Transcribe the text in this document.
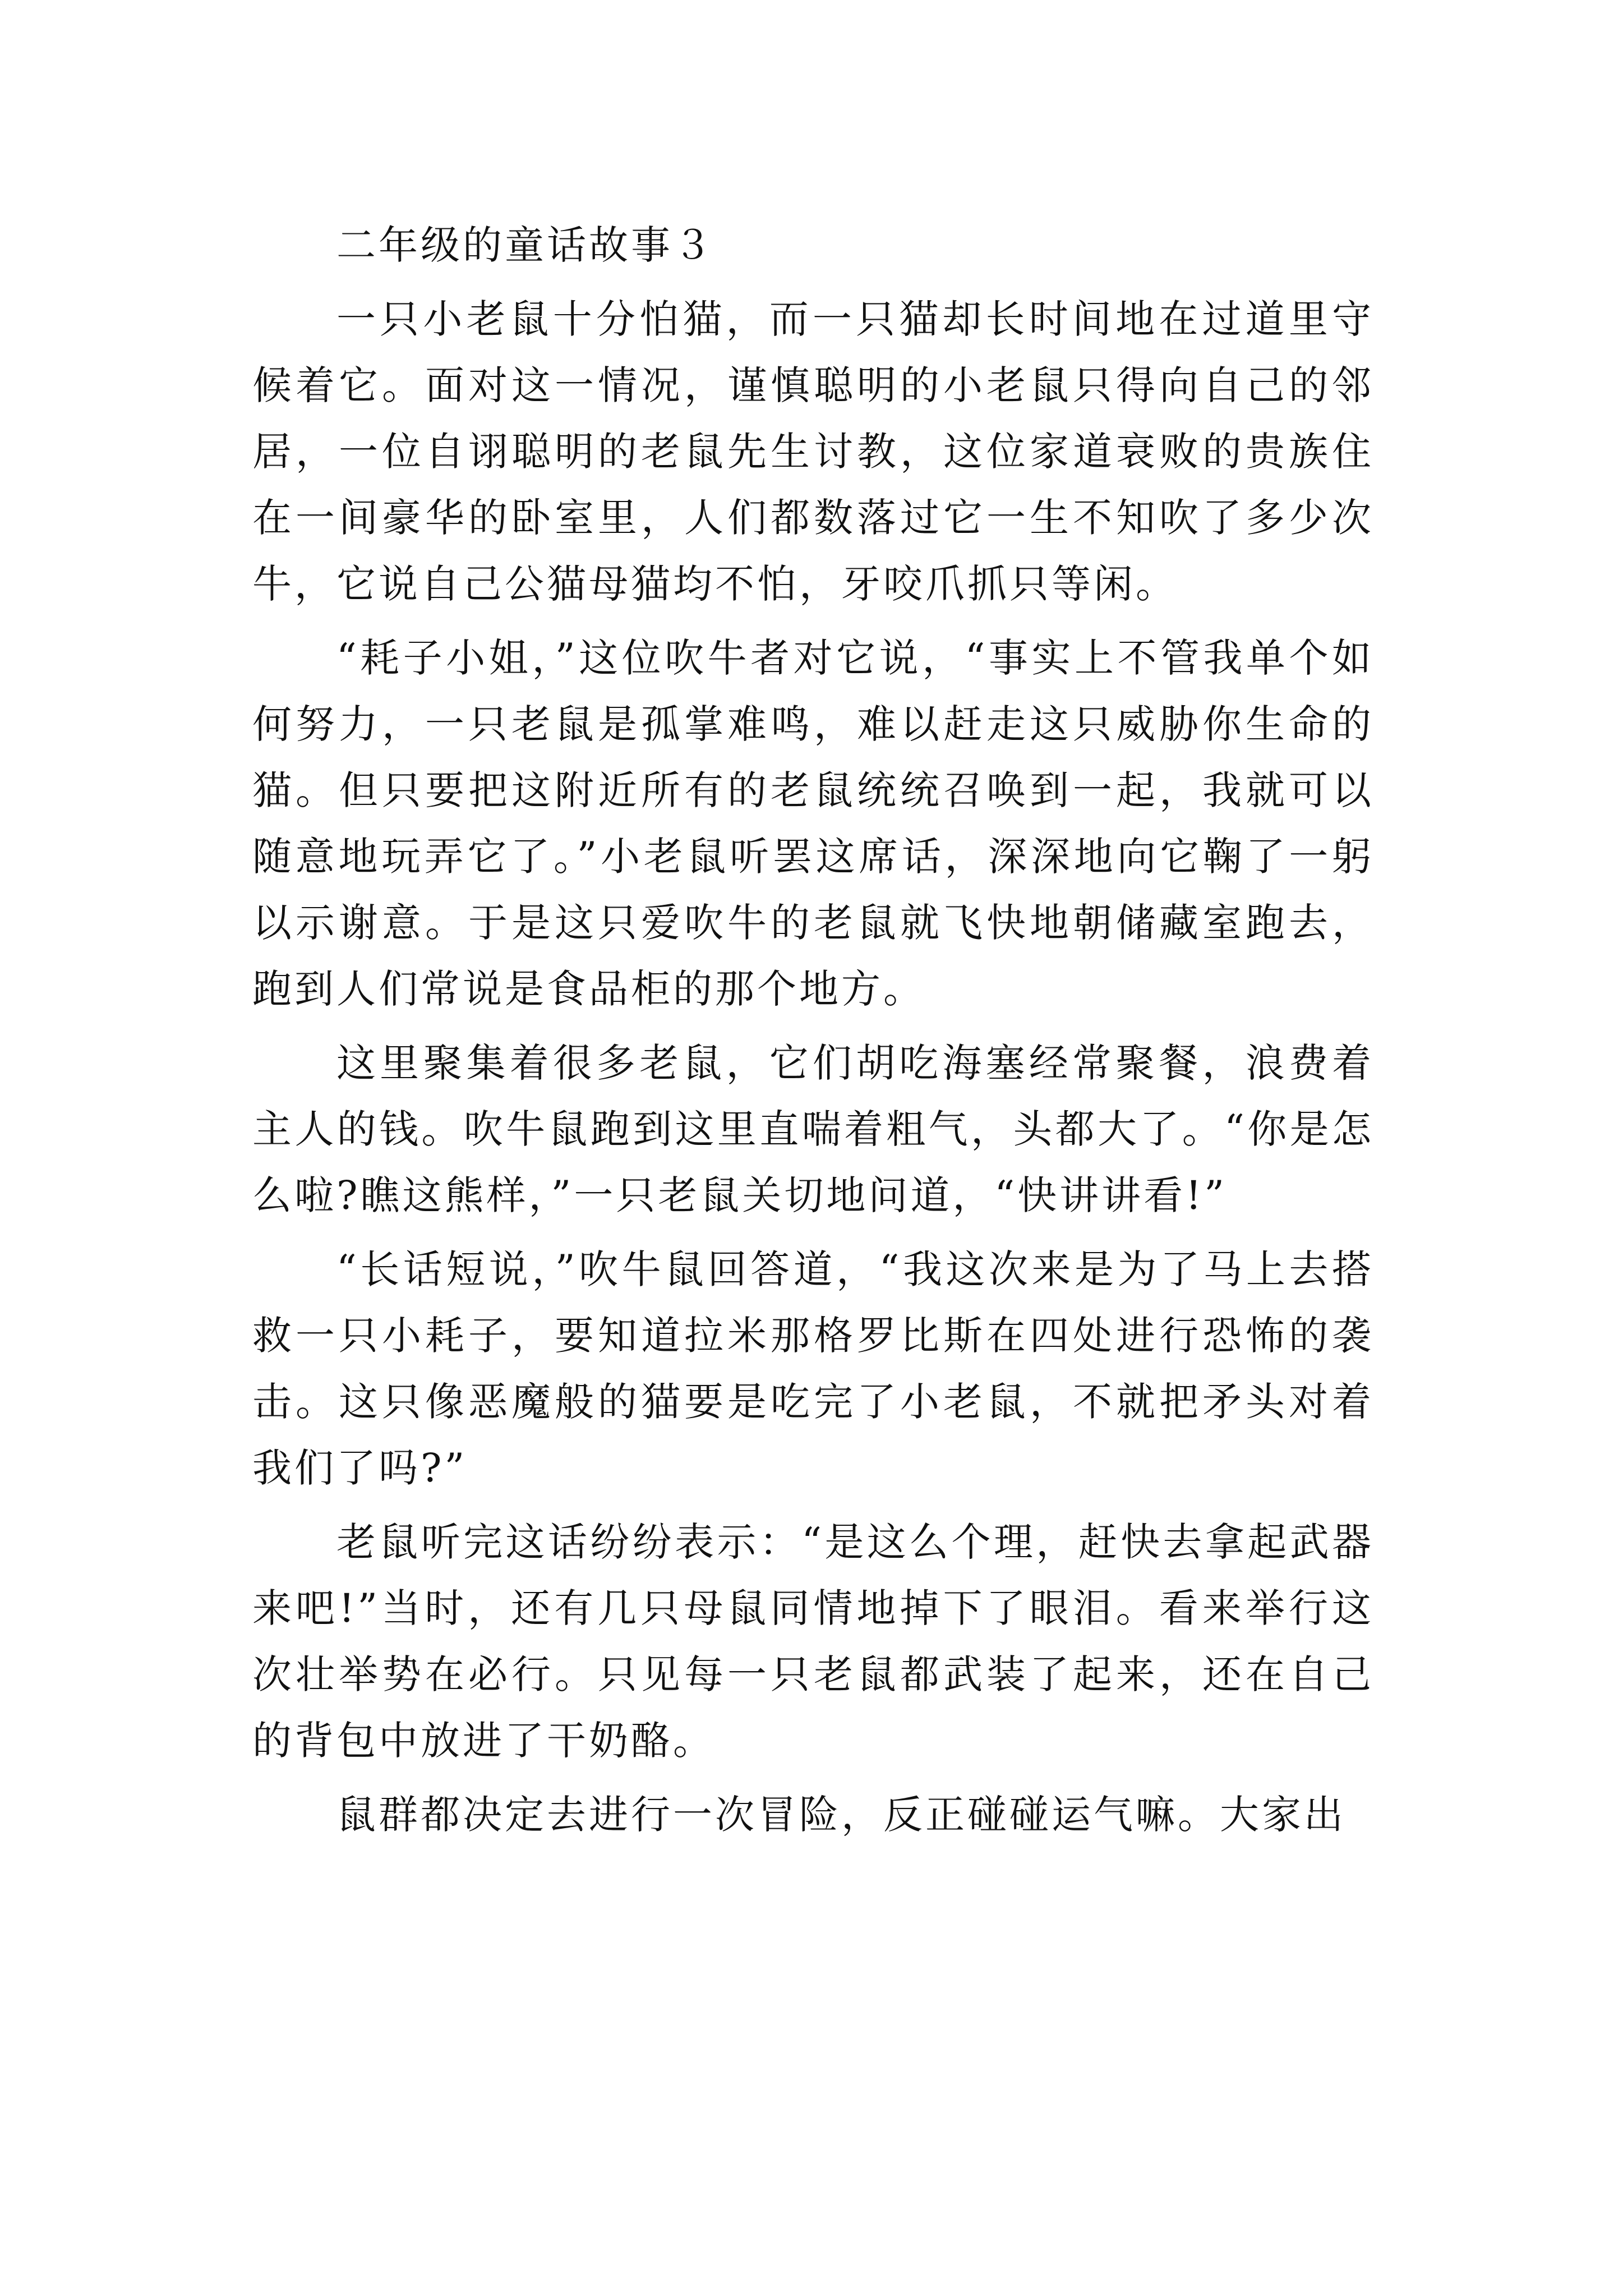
二年级的童话故事３

一只小老鼠十分怕猫，而一只猫却长时间地在过道里守候着它。面对这一情况，谨慎聪明的小老鼠只得向自己的邻居，一位自诩聪明的老鼠先生讨教，这位家道衰败的贵族住在一间豪华的卧室里，人们都数落过它一生不知吹了多少次牛，它说自己公猫母猫均不怕，牙咬爪抓只等闲。

“耗子小姐，”这位吹牛者对它说，“事实上不管我单个如何努力，一只老鼠是孤掌难鸣，难以赶走这只威胁你生命的猫。但只要把这附近所有的老鼠统统召唤到一起，我就可以随意地玩弄它了。”小老鼠听罢这席话，深深地向它鞠了一躬以示谢意。于是这只爱吹牛的老鼠就飞快地朝储藏室跑去，跑到人们常说是食品柜的那个地方。

这里聚集着很多老鼠，它们胡吃海塞经常聚餐，浪费着主人的钱。吹牛鼠跑到这里直喘着粗气，头都大了。“你是怎么啦?瞧这熊样，”一只老鼠关切地问道，“快讲讲看!”

“长话短说，”吹牛鼠回答道，“我这次来是为了马上去搭救一只小耗子，要知道拉米那格罗比斯在四处进行恐怖的袭击。这只像恶魔般的猫要是吃完了小老鼠，不就把矛头对着我们了吗?”

老鼠听完这话纷纷表示：“是这么个理，赶快去拿起武器来吧!”当时，还有几只母鼠同情地掉下了眼泪。看来举行这次壮举势在必行。只见每一只老鼠都武装了起来，还在自己的背包中放进了干奶酪。

鼠群都决定去进行一次冒险，反正碰碰运气嘛。大家出
